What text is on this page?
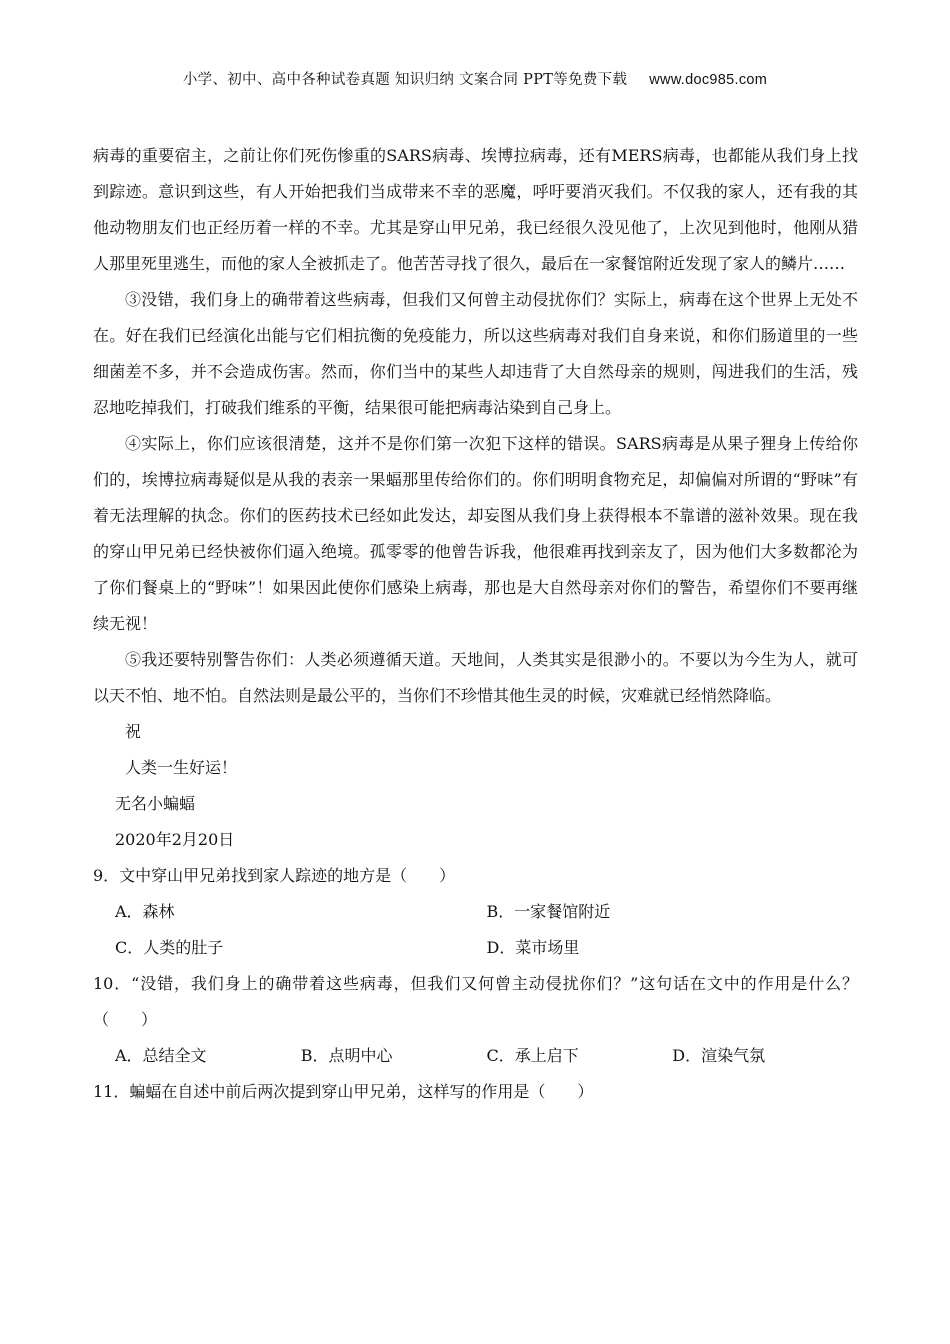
小学、初中、高中各种试卷真题 知识归纳 文案合同 PPT等免费下载 www.doc985.com

病毒的重要宿主，之前让你们死伤惨重的SARS病毒、埃博拉病毒，还有MERS病毒，也都能从我们身上找到踪迹。意识到这些，有人开始把我们当成带来不幸的恶魔，呼吁要消灭我们。不仅我的家人，还有我的其他动物朋友们也正经历着一样的不幸。尤其是穿山甲兄弟，我已经很久没见他了，上次见到他时，他刚从猎人那里死里逃生，而他的家人全被抓走了。他苦苦寻找了很久，最后在一家餐馆附近发现了家人的鳞片……

③没错，我们身上的确带着这些病毒，但我们又何曾主动侵扰你们？实际上，病毒在这个世界上无处不在。好在我们已经演化出能与它们相抗衡的免疫能力，所以这些病毒对我们自身来说，和你们肠道里的一些细菌差不多，并不会造成伤害。然而，你们当中的某些人却违背了大自然母亲的规则，闯进我们的生活，残忍地吃掉我们，打破我们维系的平衡，结果很可能把病毒沾染到自己身上。

④实际上，你们应该很清楚，这并不是你们第一次犯下这样的错误。SARS病毒是从果子狸身上传给你们的，埃博拉病毒疑似是从我的表亲一果蝠那里传给你们的。你们明明食物充足，却偏偏对所谓的“野味”有着无法理解的执念。你们的医药技术已经如此发达，却妄图从我们身上获得根本不靠谱的滋补效果。现在我的穿山甲兄弟已经快被你们逼入绝境。孤零零的他曾告诉我，他很难再找到亲友了，因为他们大多数都沦为了你们餐桌上的“野味”！如果因此使你们感染上病毒，那也是大自然母亲对你们的警告，希望你们不要再继续无视！

⑤我还要特别警告你们：人类必须遵循天道。天地间，人类其实是很渺小的。不要以为今生为人，就可以天不怕、地不怕。自然法则是最公平的，当你们不珍惜其他生灵的时候，灾难就已经悄然降临。

祝

人类一生好运！

无名小蝙蝠

2020年2月20日

9．文中穿山甲兄弟找到家人踪迹的地方是（　　）

A．森林	B．一家餐馆附近
C．人类的肚子	D．菜市场里

10．“没错，我们身上的确带着这些病毒，但我们又何曾主动侵扰你们？”这句话在文中的作用是什么？（　　）

A．总结全文	B．点明中心	C．承上启下	D．渲染气氛

11．蝙蝠在自述中前后两次提到穿山甲兄弟，这样写的作用是（　　）
